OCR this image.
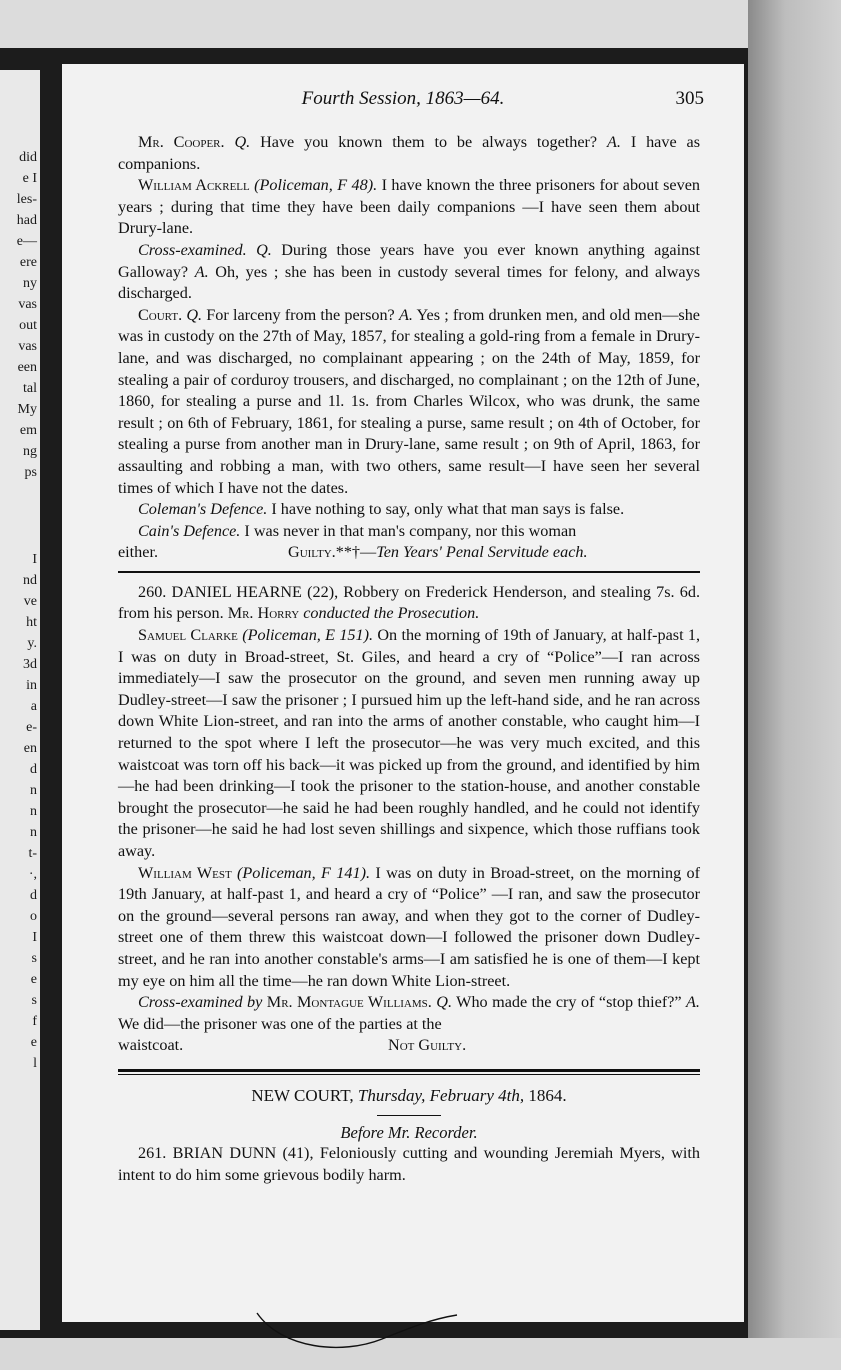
did
e I
les-
had
e—
ere
ny
vas
out
vas
een
tal
My
em
ng
ps
I
nd
ve
ht
y.
3d
in
a
e-
en
d
n
n
n
t-
·,
d
o
I
s
e
s
f
e
l
Fourth Session, 1863—64.	305

Mr. Cooper. Q. Have you known them to be always together? A. I have as companions.

William Ackrell (Policeman, F 48). I have known the three prisoners for about seven years ; during that time they have been daily companions —I have seen them about Drury-lane.

Cross-examined. Q. During those years have you ever known anything against Galloway? A. Oh, yes ; she has been in custody several times for felony, and always discharged.

Court. Q. For larceny from the person? A. Yes ; from drunken men, and old men—she was in custody on the 27th of May, 1857, for stealing a gold-ring from a female in Drury-lane, and was discharged, no complainant appearing ; on the 24th of May, 1859, for stealing a pair of corduroy trousers, and discharged, no complainant ; on the 12th of June, 1860, for stealing a purse and 1l. 1s. from Charles Wilcox, who was drunk, the same result ; on 6th of February, 1861, for stealing a purse, same result ; on 4th of October, for stealing a purse from another man in Drury-lane, same result ; on 9th of April, 1863, for assaulting and robbing a man, with two others, same result—I have seen her several times of which I have not the dates.

Coleman's Defence. I have nothing to say, only what that man says is false.

Cain's Defence. I was never in that man's company, nor this woman

either.	Guilty.**†—Ten Years' Penal Servitude each.

260. DANIEL HEARNE (22), Robbery on Frederick Henderson, and stealing 7s. 6d. from his person. Mr. Horry conducted the Prosecution.

Samuel Clarke (Policeman, E 151). On the morning of 19th of January, at half-past 1, I was on duty in Broad-street, St. Giles, and heard a cry of “Police”—I ran across immediately—I saw the prosecutor on the ground, and seven men running away up Dudley-street—I saw the prisoner ; I pursued him up the left-hand side, and he ran across down White Lion-street, and ran into the arms of another constable, who caught him—I returned to the spot where I left the prosecutor—he was very much excited, and this waistcoat was torn off his back—it was picked up from the ground, and identified by him—he had been drinking—I took the prisoner to the station-house, and another constable brought the prosecutor—he said he had been roughly handled, and he could not identify the prisoner—he said he had lost seven shillings and sixpence, which those ruffians took away.

William West (Policeman, F 141). I was on duty in Broad-street, on the morning of 19th January, at half-past 1, and heard a cry of “Police” —I ran, and saw the prosecutor on the ground—several persons ran away, and when they got to the corner of Dudley-street one of them threw this waistcoat down—I followed the prisoner down Dudley-street, and he ran into another constable's arms—I am satisfied he is one of them—I kept my eye on him all the time—he ran down White Lion-street.

Cross-examined by Mr. Montague Williams. Q. Who made the cry of “stop thief?” A. We did—the prisoner was one of the parties at the

waistcoat.	Not Guilty.

NEW COURT, Thursday, February 4th, 1864.

Before Mr. Recorder.

261. BRIAN DUNN (41), Feloniously cutting and wounding Jeremiah Myers, with intent to do him some grievous bodily harm.
